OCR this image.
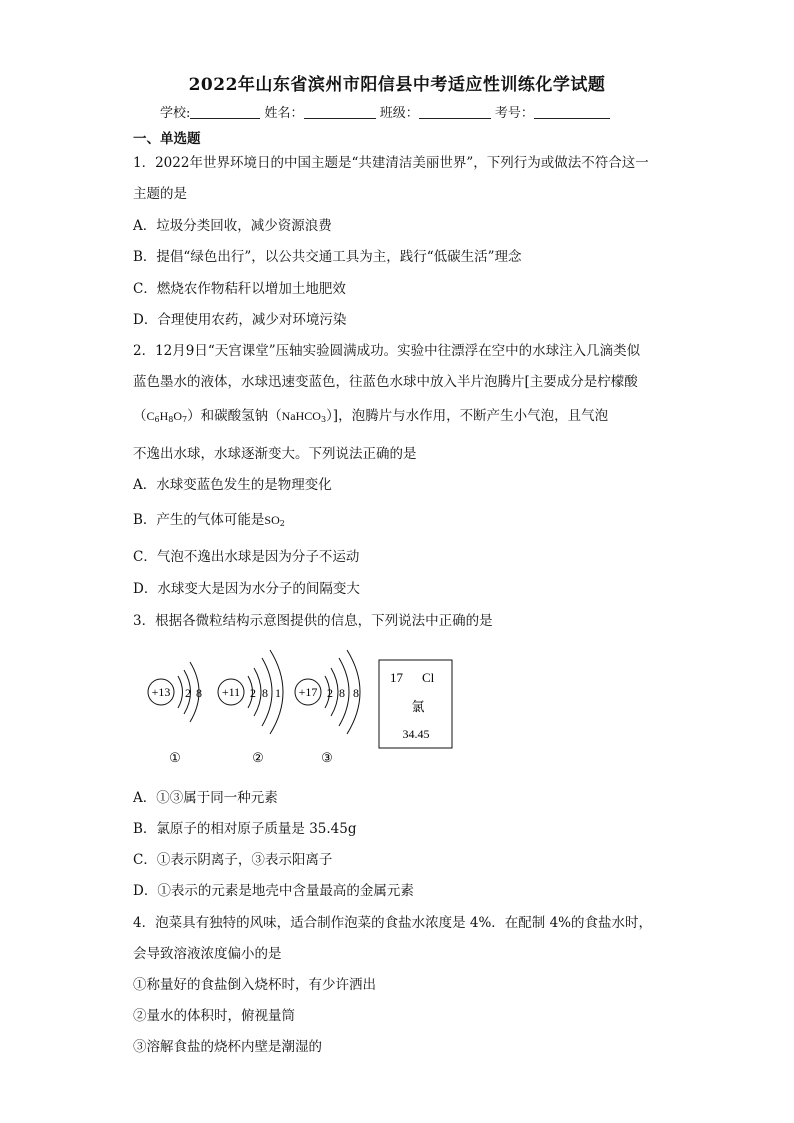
2022年山东省滨州市阳信县中考适应性训练化学试题
学校:	姓名：	班级：	考号：
一、单选题
1．2022年世界环境日的中国主题是“共建清洁美丽世界”，下列行为或做法不符合这一
主题的是
A．垃圾分类回收，减少资源浪费
B．提倡“绿色出行”，以公共交通工具为主，践行“低碳生活”理念
C．燃烧农作物秸秆以增加土地肥效
D．合理使用农药，减少对环境污染
2．12月9日“天宫课堂”压轴实验圆满成功。实验中往漂浮在空中的水球注入几滴类似
蓝色墨水的液体，水球迅速变蓝色，往蓝色水球中放入半片泡腾片[主要成分是柠檬酸
$(C_6H_8O_7)$和碳酸氢钠（NaHCO$_3$）]，泡腾片与水作用，不断产生小气泡，且气泡
不逸出水球，水球逐渐变大。下列说法正确的是
A．水球变蓝色发生的是物理变化
B．产生的气体可能是$SO_2$
C．气泡不逸出水球是因为分子不运动
D．水球变大是因为水分子的间隔变大
3．根据各微粒结构示意图提供的信息，下列说法中正确的是
+13 2 8 +11 2 8 1 +17 2 8 8
17 Cl
氯
34.45
①	②	③
A．①③属于同一种元素
B．氯原子的相对原子质量是 35.45g
C．①表示阴离子，③表示阳离子
D．①表示的元素是地壳中含量最高的金属元素
4．泡菜具有独特的风味，适合制作泡菜的食盐水浓度是 4%．在配制 4%的食盐水时，
会导致溶液浓度偏小的是
①称量好的食盐倒入烧杯时，有少许洒出
②量水的体积时，俯视量筒
③溶解食盐的烧杯内壁是潮湿的
